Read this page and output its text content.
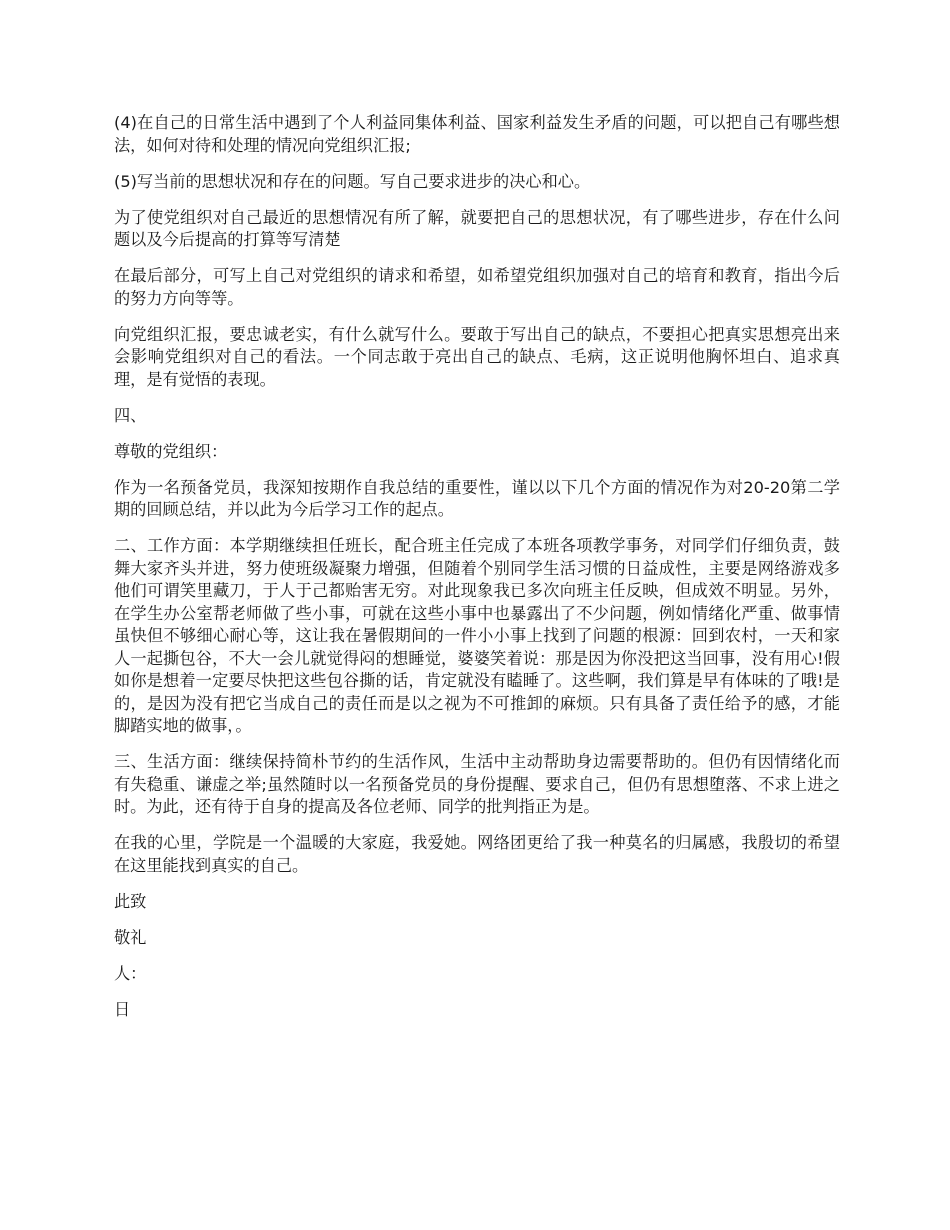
(4)在自己的日常生活中遇到了个人利益同集体利益、国家利益发生矛盾的问题，可以把自己有哪些想法，如何对待和处理的情况向党组织汇报;

(5)写当前的思想状况和存在的问题。写自己要求进步的决心和心。

为了使党组织对自己最近的思想情况有所了解，就要把自己的思想状况，有了哪些进步，存在什么问题以及今后提高的打算等写清楚

在最后部分，可写上自己对党组织的请求和希望，如希望党组织加强对自己的培育和教育，指出今后的努力方向等等。

向党组织汇报，要忠诚老实，有什么就写什么。要敢于写出自己的缺点，不要担心把真实思想亮出来会影响党组织对自己的看法。一个同志敢于亮出自己的缺点、毛病，这正说明他胸怀坦白、追求真理，是有觉悟的表现。

四、

尊敬的党组织：

作为一名预备党员，我深知按期作自我总结的重要性，谨以以下几个方面的情况作为对20-20第二学期的回顾总结，并以此为今后学习工作的起点。

二、工作方面：本学期继续担任班长，配合班主任完成了本班各项教学事务，对同学们仔细负责，鼓舞大家齐头并进，努力使班级凝聚力增强，但随着个别同学生活习惯的日益成性，主要是网络游戏多他们可谓笑里藏刀，于人于己都贻害无穷。对此现象我已多次向班主任反映，但成效不明显。另外，在学生办公室帮老师做了些小事，可就在这些小事中也暴露出了不少问题，例如情绪化严重、做事情虽快但不够细心耐心等，这让我在暑假期间的一件小小事上找到了问题的根源：回到农村，一天和家人一起撕包谷，不大一会儿就觉得闷的想睡觉，婆婆笑着说：那是因为你没把这当回事，没有用心!假如你是想着一定要尽快把这些包谷撕的话，肯定就没有瞌睡了。这些啊，我们算是早有体味的了哦!是的，是因为没有把它当成自己的责任而是以之视为不可推卸的麻烦。只有具备了责任给予的感，才能脚踏实地的做事，。

三、生活方面：继续保持简朴节约的生活作风，生活中主动帮助身边需要帮助的。但仍有因情绪化而有失稳重、谦虚之举;虽然随时以一名预备党员的身份提醒、要求自己，但仍有思想堕落、不求上进之时。为此，还有待于自身的提高及各位老师、同学的批判指正为是。

在我的心里，学院是一个温暖的大家庭，我爱她。网络团更给了我一种莫名的归属感，我殷切的希望在这里能找到真实的自己。

此致

敬礼

人：

日
